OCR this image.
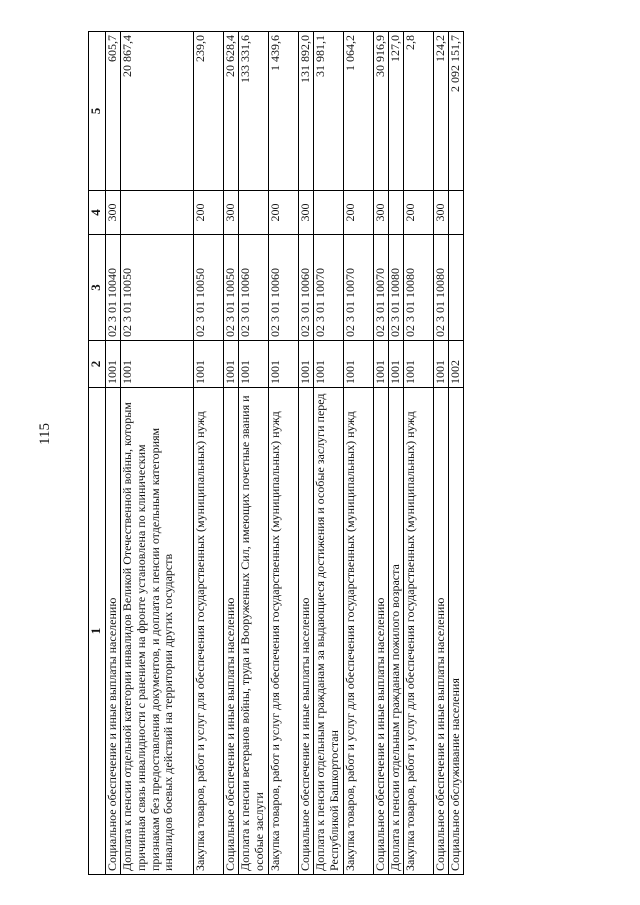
115
1	2	3	4	5
Социальное обеспечение и иные выплаты населению	1001	02 3 01 10040	300	605,7
Доплата к пенсии отдельной категории инвалидов Великой Отечественной войны, которым причинная связь инвалидности с ранением на фронте установлена по клиническим признакам без предоставления документов, и доплата к пенсии отдельным категориям инвалидов боевых действий на территории других государств	1001	02 3 01 10050		20 867,4
Закупка товаров, работ и услуг для обеспечения государственных (муниципальных) нужд	1001	02 3 01 10050	200	239,0
Социальное обеспечение и иные выплаты населению	1001	02 3 01 10050	300	20 628,4
Доплата к пенсии ветеранов войны, труда и Вооруженных Сил, имеющих почетные звания и особые заслуги	1001	02 3 01 10060		133 331,6
Закупка товаров, работ и услуг для обеспечения государственных (муниципальных) нужд	1001	02 3 01 10060	200	1 439,6
Социальное обеспечение и иные выплаты населению	1001	02 3 01 10060	300	131 892,0
Доплата к пенсии отдельным гражданам за выдающиеся достижения и особые заслуги перед Республикой Башкортостан	1001	02 3 01 10070		31 981,1
Закупка товаров, работ и услуг для обеспечения государственных (муниципальных) нужд	1001	02 3 01 10070	200	1 064,2
Социальное обеспечение и иные выплаты населению	1001	02 3 01 10070	300	30 916,9
Доплата к пенсии отдельным гражданам пожилого возраста	1001	02 3 01 10080		127,0
Закупка товаров, работ и услуг для обеспечения государственных (муниципальных) нужд	1001	02 3 01 10080	200	2,8
Социальное обеспечение и иные выплаты населению	1001	02 3 01 10080	300	124,2
Социальное обслуживание населения	1002			2 092 151,7
